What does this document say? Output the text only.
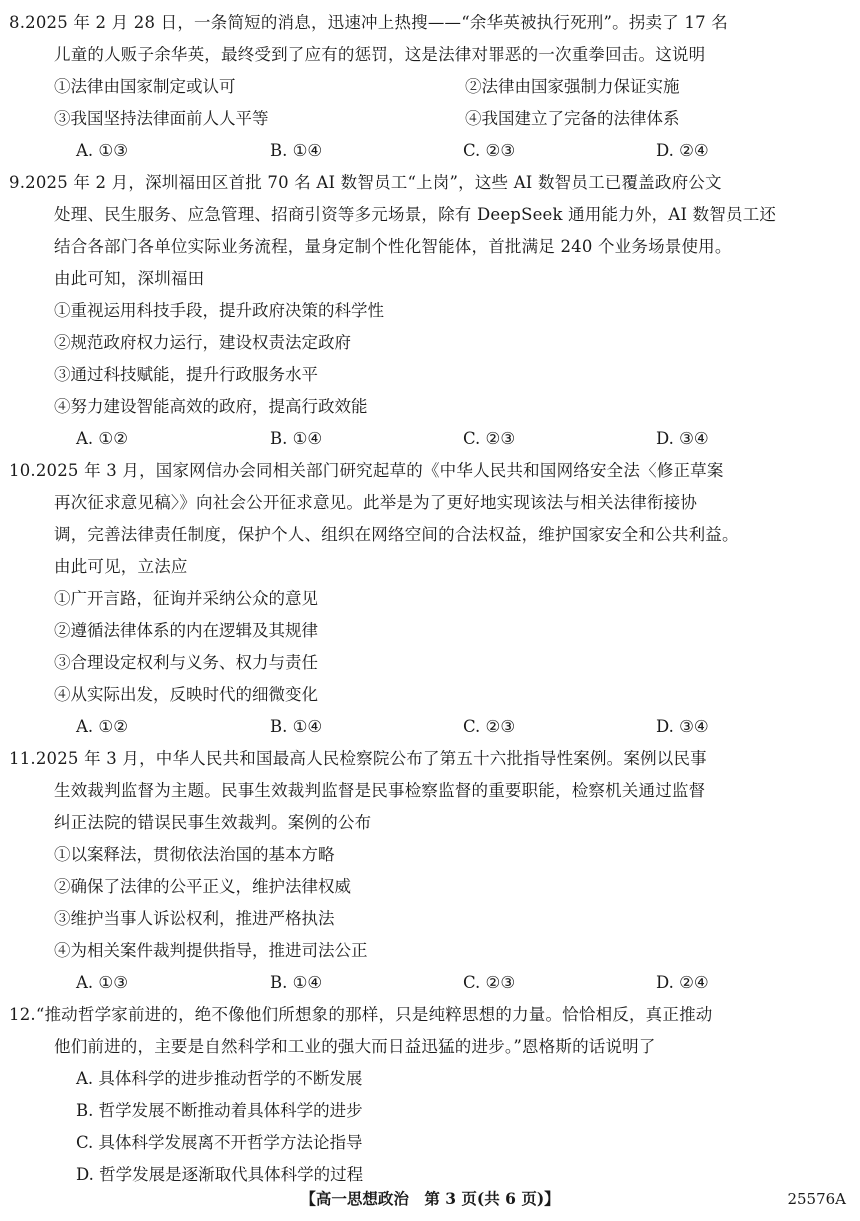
8.2025 年 2 月 28 日，一条简短的消息，迅速冲上热搜——“余华英被执行死刑”。拐卖了 17 名
儿童的人贩子余华英，最终受到了应有的惩罚，这是法律对罪恶的一次重拳回击。这说明
①法律由国家制定或认可	②法律由国家强制力保证实施
③我国坚持法律面前人人平等	④我国建立了完备的法律体系
A. ①③	B. ①④	C. ②③	D. ②④
9.2025 年 2 月，深圳福田区首批 70 名 AI 数智员工“上岗”，这些 AI 数智员工已覆盖政府公文
处理、民生服务、应急管理、招商引资等多元场景，除有 DeepSeek 通用能力外，AI 数智员工还
结合各部门各单位实际业务流程，量身定制个性化智能体，首批满足 240 个业务场景使用。
由此可知，深圳福田
①重视运用科技手段，提升政府决策的科学性
②规范政府权力运行，建设权责法定政府
③通过科技赋能，提升行政服务水平
④努力建设智能高效的政府，提高行政效能
A. ①②	B. ①④	C. ②③	D. ③④
10.2025 年 3 月，国家网信办会同相关部门研究起草的《中华人民共和国网络安全法〈修正草案
再次征求意见稿〉》向社会公开征求意见。此举是为了更好地实现该法与相关法律衔接协
调，完善法律责任制度，保护个人、组织在网络空间的合法权益，维护国家安全和公共利益。
由此可见，立法应
①广开言路，征询并采纳公众的意见
②遵循法律体系的内在逻辑及其规律
③合理设定权利与义务、权力与责任
④从实际出发，反映时代的细微变化
A. ①②	B. ①④	C. ②③	D. ③④
11.2025 年 3 月，中华人民共和国最高人民检察院公布了第五十六批指导性案例。案例以民事
生效裁判监督为主题。民事生效裁判监督是民事检察监督的重要职能，检察机关通过监督
纠正法院的错误民事生效裁判。案例的公布
①以案释法，贯彻依法治国的基本方略
②确保了法律的公平正义，维护法律权威
③维护当事人诉讼权利，推进严格执法
④为相关案件裁判提供指导，推进司法公正
A. ①③	B. ①④	C. ②③	D. ②④
12.“推动哲学家前进的，绝不像他们所想象的那样，只是纯粹思想的力量。恰恰相反，真正推动
他们前进的，主要是自然科学和工业的强大而日益迅猛的进步。”恩格斯的话说明了
A. 具体科学的进步推动哲学的不断发展
B. 哲学发展不断推动着具体科学的进步
C. 具体科学发展离不开哲学方法论指导
D. 哲学发展是逐渐取代具体科学的过程
【高一思想政治　第 3 页(共 6 页)】	25576A
